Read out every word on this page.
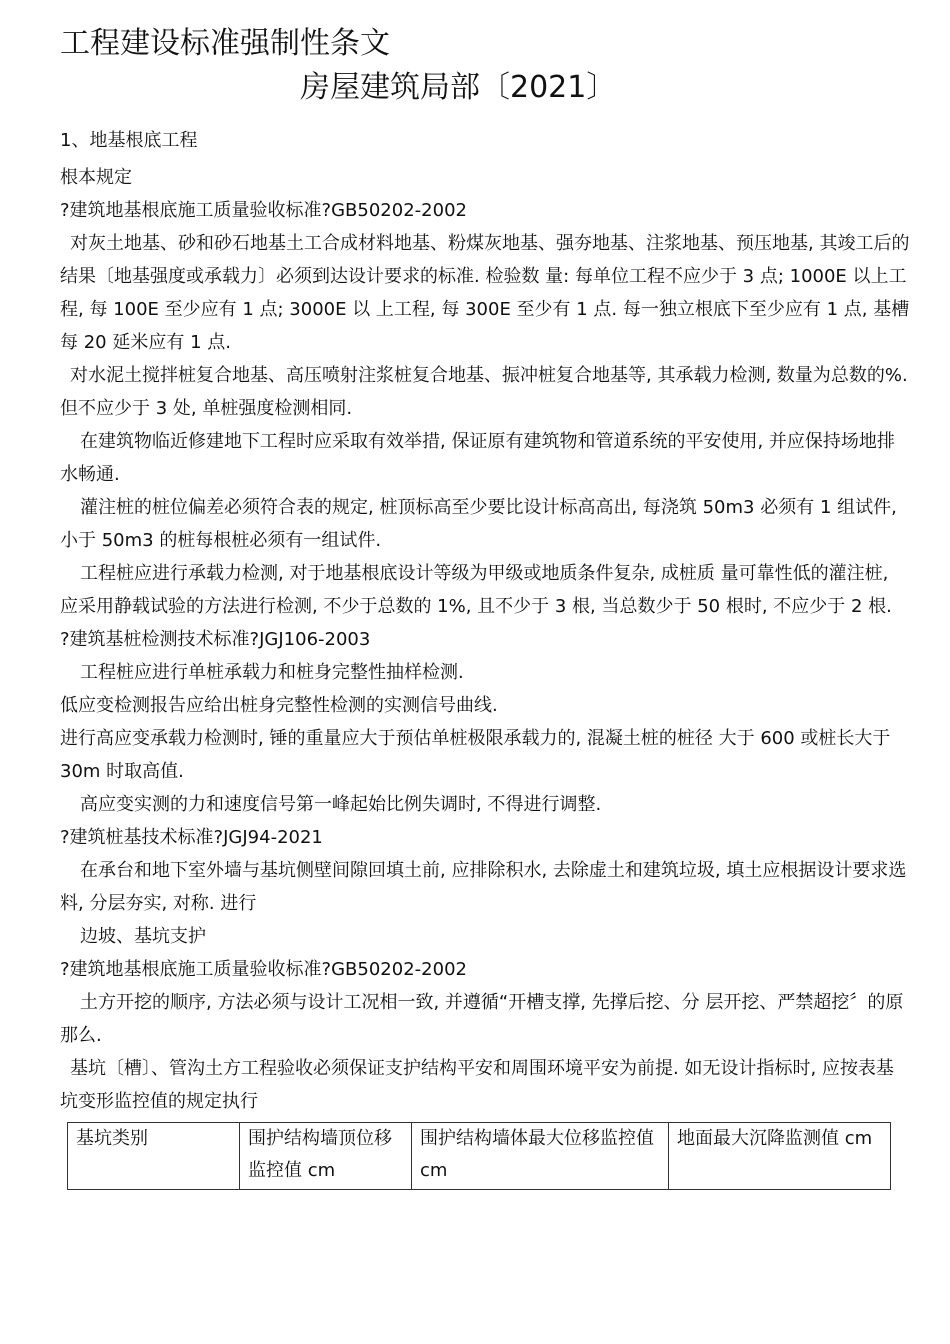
工程建设标准强制性条文
房屋建筑局部〔2021〕

1、地基根底工程

根本规定

?建筑地基根底施工质量验收标准?GB50202-2002

对灰土地基、砂和砂石地基土工合成材料地基、粉煤灰地基、强夯地基、注浆地基、预压地基, 其竣工后的结果〔地基强度或承载力〕必须到达设计要求的标准. 检验数 量: 每单位工程不应少于 3 点; 1000E 以上工程, 每 100E 至少应有 1 点; 3000E 以 上工程, 每 300E 至少有 1 点. 每一独立根底下至少应有 1 点, 基槽每 20 延米应有 1 点.

对水泥土搅拌桩复合地基、高压喷射注浆桩复合地基、振冲桩复合地基等, 其承载力检测, 数量为总数的%. 但不应少于 3 处, 单桩强度检测相同.

在建筑物临近修建地下工程时应采取有效举措, 保证原有建筑物和管道系统的平安使用, 并应保持场地排水畅通.

灌注桩的桩位偏差必须符合表的规定, 桩顶标高至少要比设计标高高出, 每浇筑 50m3 必须有 1 组试件, 小于 50m3 的桩每根桩必须有一组试件.

工程桩应进行承载力检测, 对于地基根底设计等级为甲级或地质条件复杂, 成桩质 量可靠性低的灌注桩, 应采用静载试验的方法进行检测, 不少于总数的 1%, 且不少于 3 根, 当总数少于 50 根时, 不应少于 2 根.

?建筑基桩检测技术标准?JGJ106-2003

工程桩应进行单桩承载力和桩身完整性抽样检测.

低应变检测报告应给出桩身完整性检测的实测信号曲线.

进行高应变承载力检测时, 锤的重量应大于预估单桩极限承载力的, 混凝土桩的桩径 大于 600 或桩长大于 30m 时取高值.

高应变实测的力和速度信号第一峰起始比例失调时, 不得进行调整.

?建筑桩基技术标准?JGJ94-2021

在承台和地下室外墙与基坑侧壁间隙回填土前, 应排除积水, 去除虚土和建筑垃圾, 填土应根据设计要求选料, 分层夯实, 对称. 进行

边坡、基坑支护

?建筑地基根底施工质量验收标准?GB50202-2002

土方开挖的顺序, 方法必须与设计工况相一致, 并遵循“开槽支撑, 先撑后挖、分 层开挖、严禁超挖〞的原那么.

基坑〔槽〕、管沟土方工程验收必须保证支护结构平安和周围环境平安为前提. 如无设计指标时, 应按表基坑变形监控值的规定执行

基坑类别	围护结构墙顶位移监控值 cm	围护结构墙体最大位移监控值 cm	地面最大沉降监测值 cm
